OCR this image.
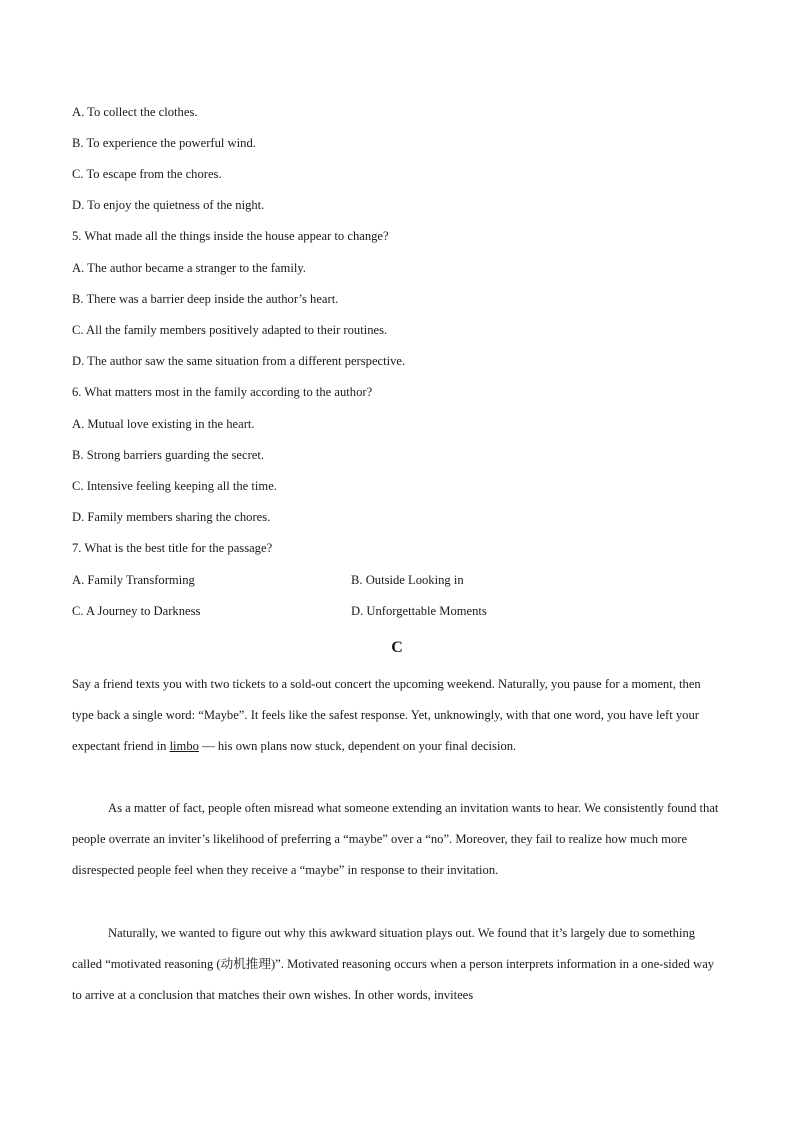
A. To collect the clothes.
B. To experience the powerful wind.
C. To escape from the chores.
D. To enjoy the quietness of the night.
5. What made all the things inside the house appear to change?
A. The author became a stranger to the family.
B. There was a barrier deep inside the author’s heart.
C. All the family members positively adapted to their routines.
D. The author saw the same situation from a different perspective.
6. What matters most in the family according to the author?
A. Mutual love existing in the heart.
B. Strong barriers guarding the secret.
C. Intensive feeling keeping all the time.
D. Family members sharing the chores.
7. What is the best title for the passage?
A. Family Transforming	B. Outside Looking in
C. A Journey to Darkness	D. Unforgettable Moments
C

Say a friend texts you with two tickets to a sold-out concert the upcoming weekend. Naturally, you pause for a moment, then type back a single word: “Maybe”. It feels like the safest response. Yet, unknowingly, with that one word, you have left your expectant friend in limbo — his own plans now stuck, dependent on your final decision.

As a matter of fact, people often misread what someone extending an invitation wants to hear. We consistently found that people overrate an inviter’s likelihood of preferring a “maybe” over a “no”. Moreover, they fail to realize how much more disrespected people feel when they receive a “maybe” in response to their invitation.

Naturally, we wanted to figure out why this awkward situation plays out. We found that it’s largely due to something called “motivated reasoning (动机推理)”. Motivated reasoning occurs when a person interprets information in a one-sided way to arrive at a conclusion that matches their own wishes. In other words, invitees
